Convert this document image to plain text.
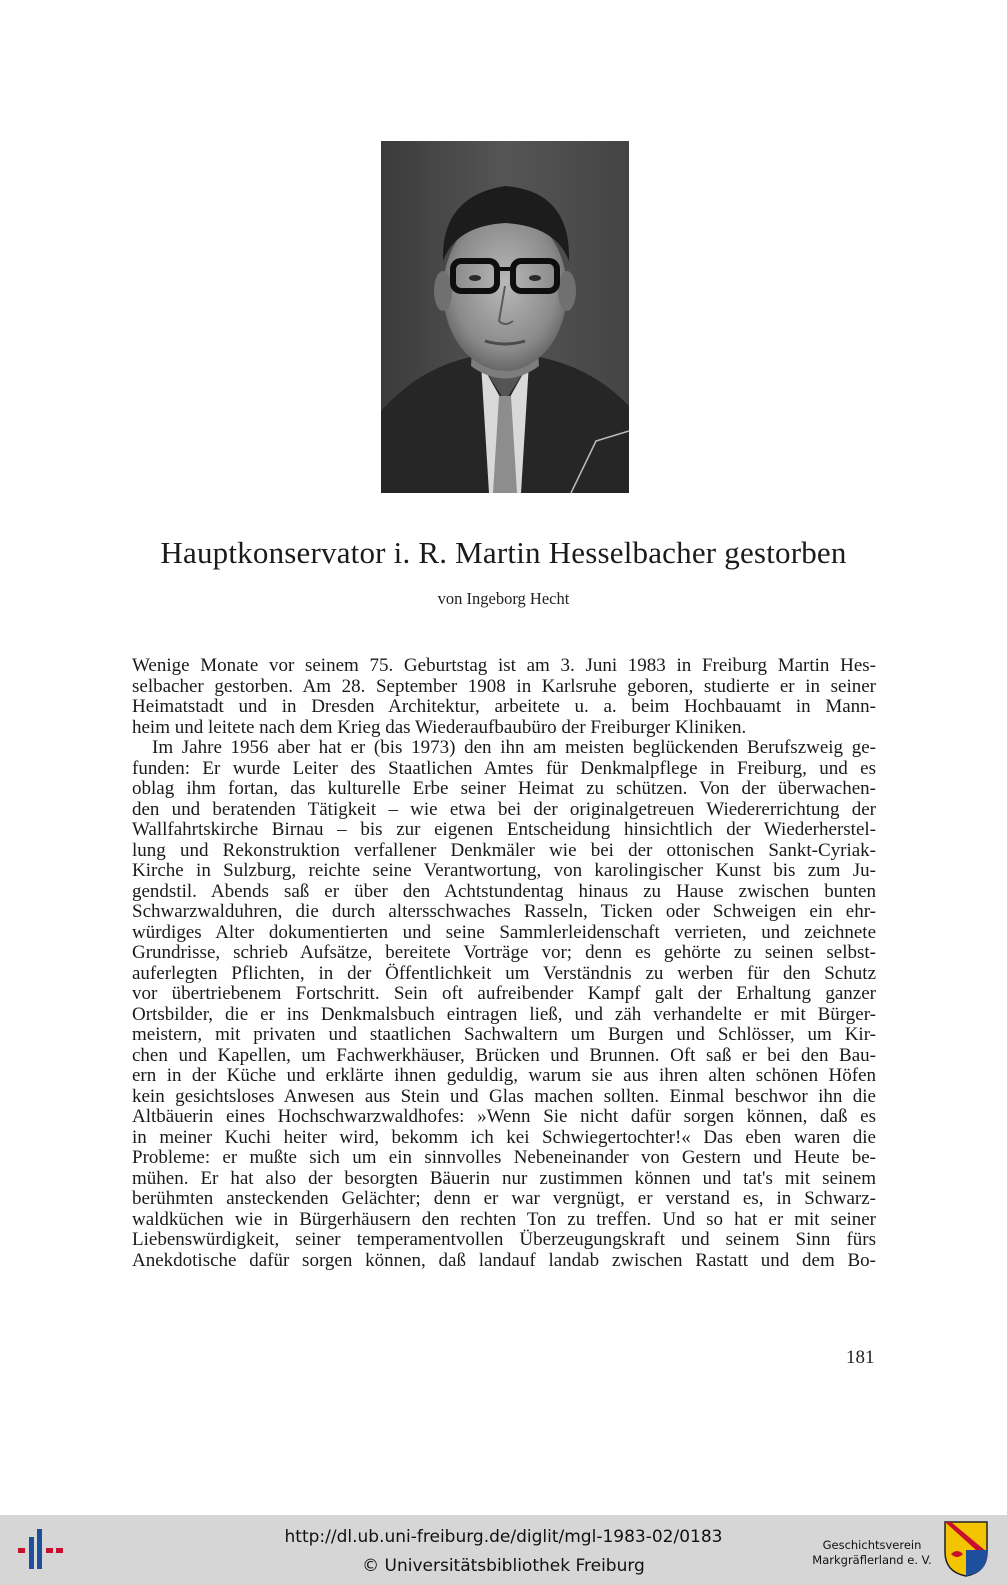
Hauptkonservator i. R. Martin Hesselbacher gestorben
von Ingeborg Hecht
Wenige Monate vor seinem 75. Geburtstag ist am 3. Juni 1983 in Freiburg Martin Hes-
selbacher gestorben. Am 28. September 1908 in Karlsruhe geboren, studierte er in seiner
Heimatstadt und in Dresden Architektur, arbeitete u. a. beim Hochbauamt in Mann-
heim und leitete nach dem Krieg das Wiederaufbaubüro der Freiburger Kliniken.
Im Jahre 1956 aber hat er (bis 1973) den ihn am meisten beglückenden Berufszweig ge-
funden: Er wurde Leiter des Staatlichen Amtes für Denkmalpflege in Freiburg, und es
oblag ihm fortan, das kulturelle Erbe seiner Heimat zu schützen. Von der überwachen-
den und beratenden Tätigkeit – wie etwa bei der originalgetreuen Wiedererrichtung der
Wallfahrtskirche Birnau – bis zur eigenen Entscheidung hinsichtlich der Wiederherstel-
lung und Rekonstruktion verfallener Denkmäler wie bei der ottonischen Sankt-Cyriak-
Kirche in Sulzburg, reichte seine Verantwortung, von karolingischer Kunst bis zum Ju-
gendstil. Abends saß er über den Achtstundentag hinaus zu Hause zwischen bunten
Schwarzwalduhren, die durch altersschwaches Rasseln, Ticken oder Schweigen ein ehr-
würdiges Alter dokumentierten und seine Sammlerleidenschaft verrieten, und zeichnete
Grundrisse, schrieb Aufsätze, bereitete Vorträge vor; denn es gehörte zu seinen selbst-
auferlegten Pflichten, in der Öffentlichkeit um Verständnis zu werben für den Schutz
vor übertriebenem Fortschritt. Sein oft aufreibender Kampf galt der Erhaltung ganzer
Ortsbilder, die er ins Denkmalsbuch eintragen ließ, und zäh verhandelte er mit Bürger-
meistern, mit privaten und staatlichen Sachwaltern um Burgen und Schlösser, um Kir-
chen und Kapellen, um Fachwerkhäuser, Brücken und Brunnen. Oft saß er bei den Bau-
ern in der Küche und erklärte ihnen geduldig, warum sie aus ihren alten schönen Höfen
kein gesichtsloses Anwesen aus Stein und Glas machen sollten. Einmal beschwor ihn die
Altbäuerin eines Hochschwarzwaldhofes: »Wenn Sie nicht dafür sorgen können, daß es
in meiner Kuchi heiter wird, bekomm ich kei Schwiegertochter!« Das eben waren die
Probleme: er mußte sich um ein sinnvolles Nebeneinander von Gestern und Heute be-
mühen. Er hat also der besorgten Bäuerin nur zustimmen können und tat's mit seinem
berühmten ansteckenden Gelächter; denn er war vergnügt, er verstand es, in Schwarz-
waldküchen wie in Bürgerhäusern den rechten Ton zu treffen. Und so hat er mit seiner
Liebenswürdigkeit, seiner temperamentvollen Überzeugungskraft und seinem Sinn fürs
Anekdotische dafür sorgen können, daß landauf landab zwischen Rastatt und dem Bo-
181
http://dl.ub.uni-freiburg.de/diglit/mgl-1983-02/0183
© Universitätsbibliothek Freiburg
Geschichtsverein
Markgräflerland e. V.
